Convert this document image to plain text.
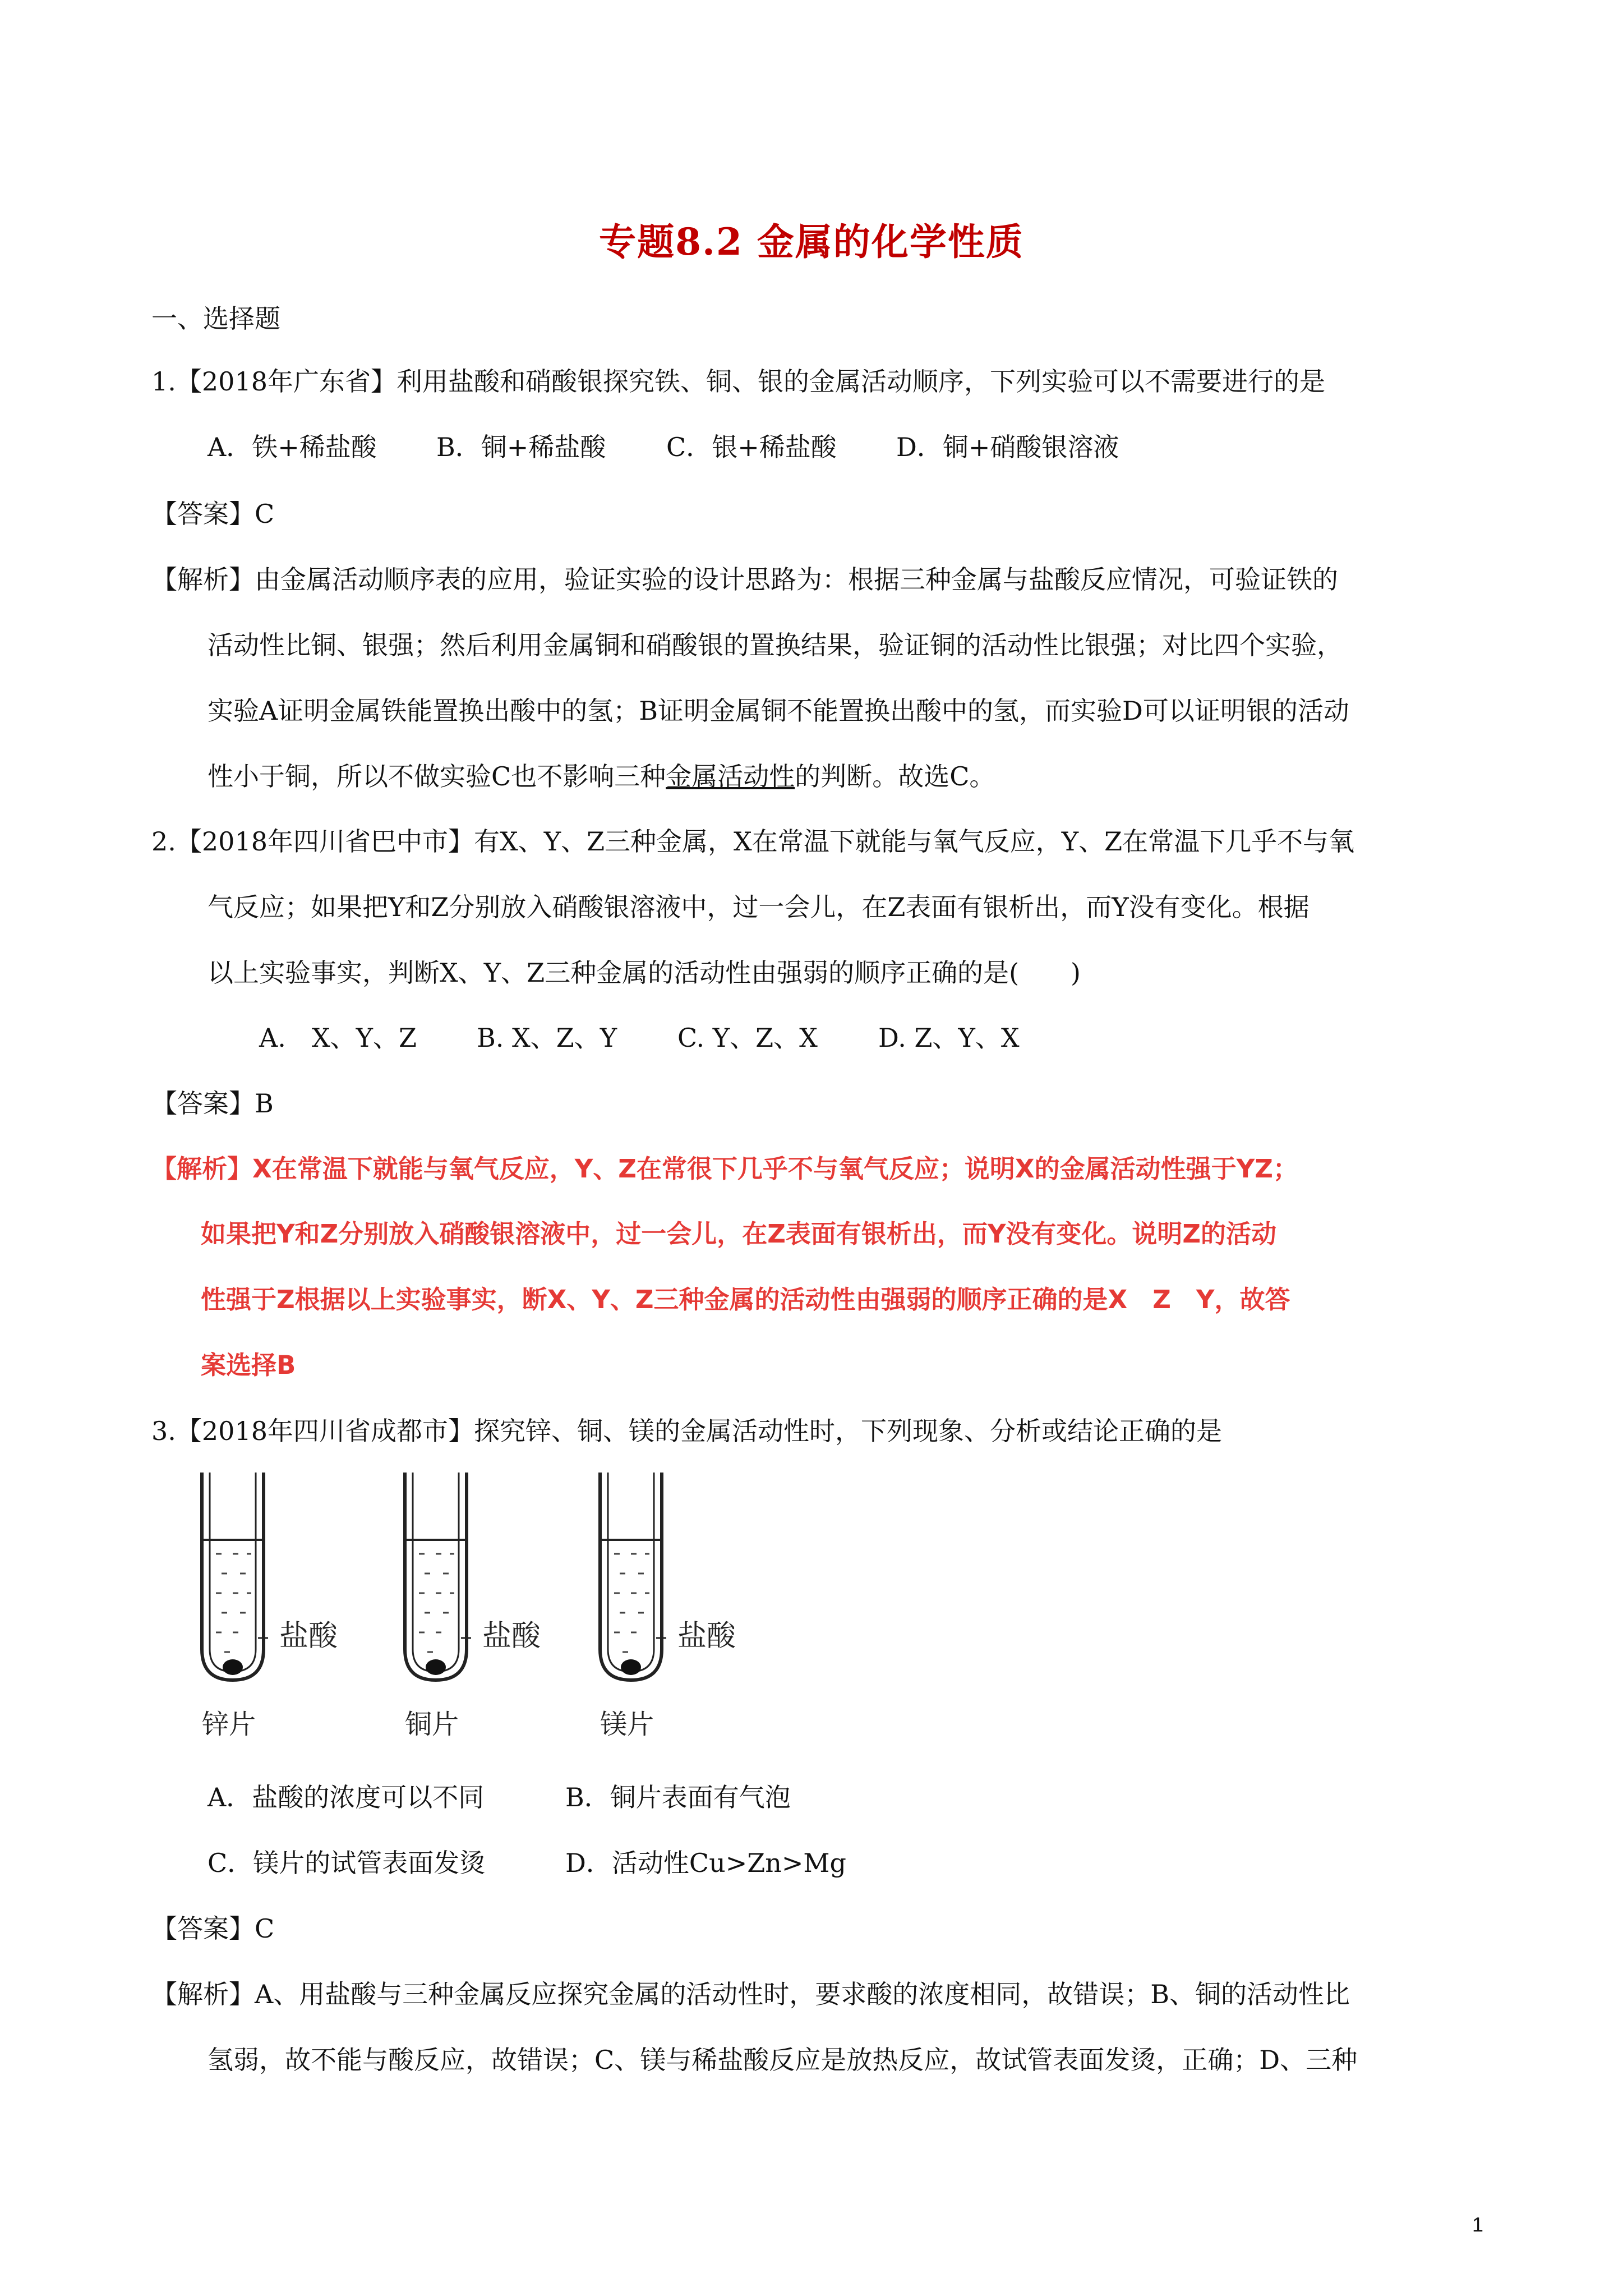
专题8.2 金属的化学性质
一、选择题
1.【2018年广东省】利用盐酸和硝酸银探究铁、铜、银的金属活动顺序，下列实验可以不需要进行的是
A．铁+稀盐酸 B．铜+稀盐酸 C．银+稀盐酸 D．铜+硝酸银溶液
【答案】C
【解析】由金属活动顺序表的应用，验证实验的设计思路为：根据三种金属与盐酸反应情况，可验证铁的
活动性比铜、银强；然后利用金属铜和硝酸银的置换结果，验证铜的活动性比银强；对比四个实验，
实验A证明金属铁能置换出酸中的氢；B证明金属铜不能置换出酸中的氢，而实验D可以证明银的活动
性小于铜，所以不做实验C也不影响三种金属活动性的判断。故选C。
2.【2018年四川省巴中市】有X、Y、Z三种金属，X在常温下就能与氧气反应，Y、Z在常温下几乎不与氧
气反应；如果把Y和Z分别放入硝酸银溶液中，过一会儿，在Z表面有银析出，而Y没有变化。根据
以上实验事实，判断X、Y、Z三种金属的活动性由强弱的顺序正确的是(　　)
A.　X、Y、Z B. X、Z、Y C. Y、Z、X D. Z、Y、X
【答案】B
【解析】X在常温下就能与氧气反应，Y、Z在常很下几乎不与氧气反应；说明X的金属活动性强于YZ；
如果把Y和Z分别放入硝酸银溶液中，过一会儿，在Z表面有银析出，而Y没有变化。说明Z的活动
性强于Z根据以上实验事实，断X、Y、Z三种金属的活动性由强弱的顺序正确的是X　Z　Y，故答
案选择B
3.【2018年四川省成都市】探究锌、铜、镁的金属活动性时，下列现象、分析或结论正确的是
盐酸
锌片
盐酸
铜片
盐酸
镁片
A．盐酸的浓度可以不同	B．铜片表面有气泡
C．镁片的试管表面发烫	D．活动性Cu>Zn>Mg
【答案】C
【解析】A、用盐酸与三种金属反应探究金属的活动性时，要求酸的浓度相同，故错误；B、铜的活动性比
氢弱，故不能与酸反应，故错误；C、镁与稀盐酸反应是放热反应，故试管表面发烫，正确；D、三种
1
